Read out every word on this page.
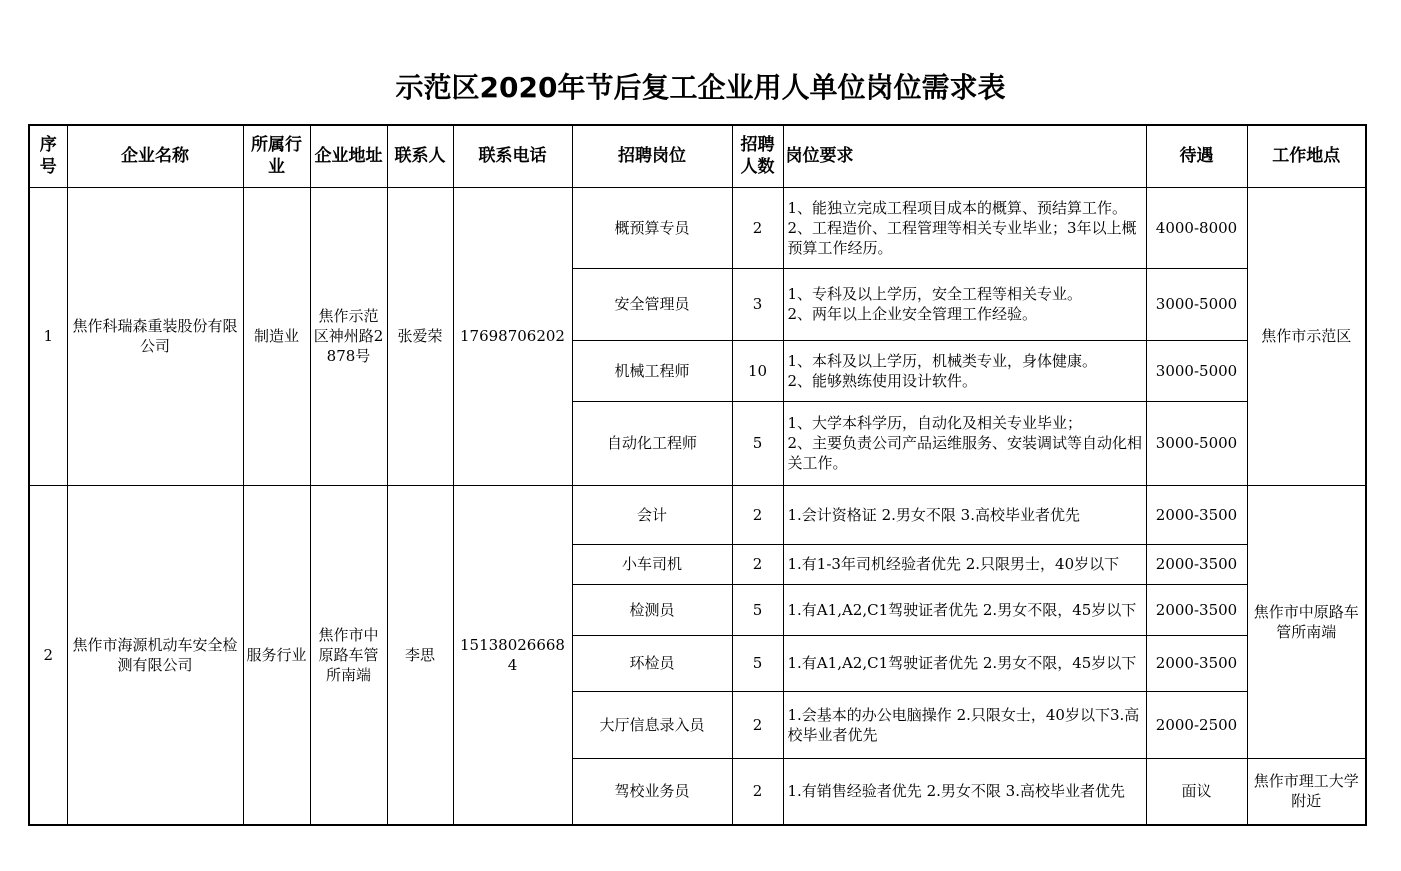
示范区2020年节后复工企业用人单位岗位需求表
序号	企业名称	所属行业	企业地址	联系人	联系电话	招聘岗位	招聘人数	岗位要求	待遇	工作地点
1	焦作科瑞森重装股份有限公司	制造业	焦作示范区神州路2878号	张爱荣	17698706202	概预算专员	2	1、能独立完成工程项目成本的概算、预结算工作。
2、工程造价、工程管理等相关专业毕业；3年以上概预算工作经历。	4000-8000	焦作市示范区
						安全管理员	3	1、专科及以上学历，安全工程等相关专业。
2、两年以上企业安全管理工作经验。	3000-5000	
						机械工程师	10	1、本科及以上学历，机械类专业，身体健康。
2、能够熟练使用设计软件。	3000-5000	
						自动化工程师	5	1、大学本科学历，自动化及相关专业毕业；
2、主要负责公司产品运维服务、安装调试等自动化相关工作。	3000-5000	
2	焦作市海源机动车安全检测有限公司	服务行业	焦作市中原路车管所南端	李思	151380266684	会计	2	1.会计资格证 2.男女不限 3.高校毕业者优先	2000-3500	焦作市中原路车管所南端
						小车司机	2	1.有1-3年司机经验者优先 2.只限男士，40岁以下	2000-3500	
						检测员	5	1.有A1,A2,C1驾驶证者优先 2.男女不限，45岁以下	2000-3500	
						环检员	5	1.有A1,A2,C1驾驶证者优先 2.男女不限，45岁以下	2000-3500	
						大厅信息录入员	2	1.会基本的办公电脑操作 2.只限女士，40岁以下3.高校毕业者优先	2000-2500	
						驾校业务员	2	1.有销售经验者优先 2.男女不限 3.高校毕业者优先	面议	焦作市理工大学附近
